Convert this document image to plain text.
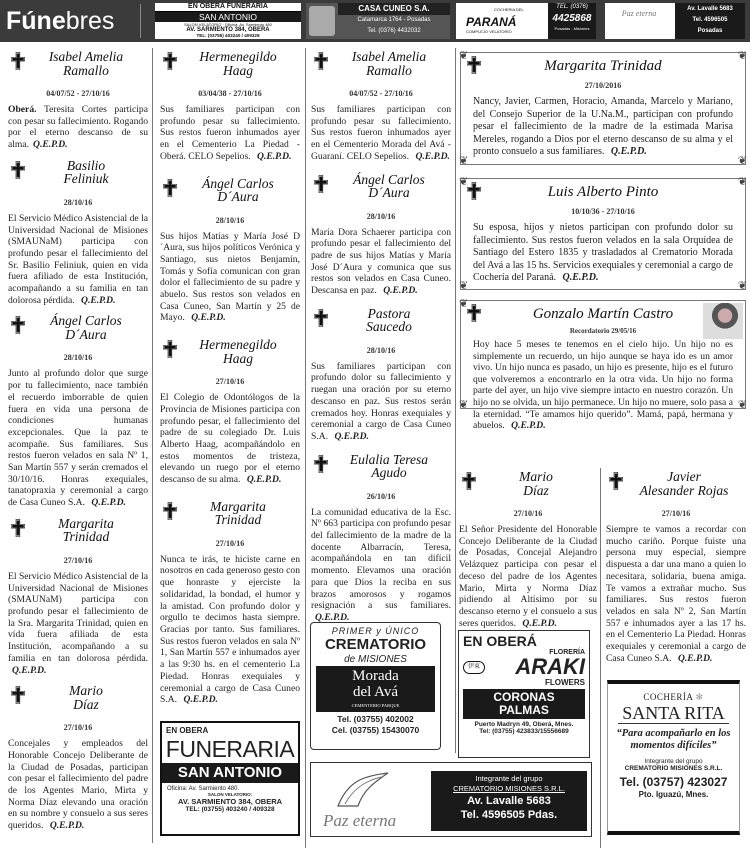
Fúnebres
EN OBERA FUNERARIA
SAN ANTONIO
SALON VELATORIO · Oficina: Av. Sarmiento 480
AV. SARMIENTO 384, OBERA
TEL: (03755) 403240 / 409328
CASA CUNEO S.A.
Catamarca 1764 - Posadas
Tel. (0376) 4432032
COCHERIA DEL
PARANÁ
COMPLEJO VELATORIO
TEL. (0376)
4425868
Posadas - Misiones
Paz eterna	Av. Lavalle 5683
Tel. 4596505
Posadas
Isabel Amelia
Ramallo
04/07/52 - 27/10/16

Oberá. Teresita Cortes participa con pesar su fallecimiento. Rogando por el eterno descanso de su alma. Q.E.P.D.

Basilio
Feliniuk
28/10/16

El Servicio Médico Asistencial de la Universidad Nacional de Misiones (SMAUNaM) participa con profundo pesar el fallecimiento del Sr. Basilio Feliniuk, quien en vida fuera afiliado de esta Institución, acompañando a su familia en tan dolorosa pérdida. Q.E.P.D.

Ángel Carlos
D´Aura
28/10/16

Junto al profundo dolor que surge por tu fallecimiento, nace también el recuerdo imborrable de quien fuera en vida una persona de condiciones humanas excepcionales. Que la paz te acompañe. Sus familiares. Sus restos fueron velados en sala Nº 1, San Martín 557 y serán cremados el 30/10/16. Honras exequiales, tanatopraxia y ceremonial a cargo de Casa Cuneo S.A. Q.E.P.D.

Margarita
Trinidad
27/10/16

El Servicio Médico Asistencial de la Universidad Nacional de Misiones (SMAUNaM) participa con profundo pesar el fallecimiento de la Sra. Margarita Trinidad, quien en vida fuera afiliada de esta Institución, acompañando a su familia en tan dolorosa pérdida. Q.E.P.D.

Mario
Díaz
27/10/16

Concejales y empleados del Honorable Concejo Deliberante de la Ciudad de Posadas, participan con pesar el fallecimiento del padre de los Agentes Mario, Mirta y Norma Díaz elevando una oración en su nombre y consuelo a sus seres queridos. Q.E.P.D.

Hermenegildo
Haag
03/04/38 - 27/10/16

Sus familiares participan con profundo pesar su fallecimiento. Sus restos fueron inhumados ayer en el Cementerio La Piedad - Oberá. CELO Sepelios. Q.E.P.D.

Ángel Carlos
D´Aura
28/10/16

Sus hijos Matías y María José D´Aura, sus hijos políticos Verónica y Santiago, sus nietos Benjamín, Tomás y Sofía comunican con gran dolor el fallecimiento de su padre y abuelo. Sus restos son velados en Casa Cuneo, San Martín y 25 de Mayo. Q.E.P.D.

Hermenegildo
Haag
27/10/16

El Colegio de Odontólogos de la Provincia de Misiones participa con profundo pesar, el fallecimiento del padre de su colegiado Dr. Luis Alberto Haag, acompañándolo en estos momentos de tristeza, elevando un ruego por el eterno descanso de su alma. Q.E.P.D.

Margarita
Trinidad
27/10/16

Nunca te irás, te hiciste carne en nosotros en cada generoso gesto con que honraste y ejerciste la solidaridad, la bondad, el humor y la amistad. Con profundo dolor y orgullo te decimos hasta siempre. Gracias por tanto. Sus familiares. Sus restos fueron velados en sala Nº 1, San Martín 557 e inhumados ayer a las 9:30 hs. en el cementerio La Piedad. Honras exequiales y ceremonial a cargo de Casa Cuneo S.A. Q.E.P.D.

Isabel Amelia
Ramallo
04/07/52 - 27/10/16

Sus familiares participan con profundo pesar su fallecimiento. Sus restos fueron inhumados ayer en el Cementerio Morada del Avá - Guaraní. CELO Sepelios. Q.E.P.D.

Ángel Carlos
D´Aura
28/10/16

María Dora Schaerer participa con profundo pesar el fallecimiento del padre de sus hijos Matías y María José D´Aura y comunica que sus restos son velados en Casa Cuneo. Descansa en paz. Q.E.P.D.

Pastora
Saucedo
28/10/16

Sus familiares participan con profundo dolor su fallecimiento y ruegan una oración por su eterno descanso en paz. Sus restos serán cremados hoy. Honras exequiales y ceremonial a cargo de Casa Cuneo S.A. Q.E.P.D.

Eulalia Teresa
Agudo
26/10/16

La comunidad educativa de la Esc. Nº 663 participa con profundo pesar del fallecimiento de la madre de la docente Albarracín, Teresa, acompañándola en tan difícil momento. Elevamos una oración para que Dios la reciba en sus brazos amorosos y rogamos resignación a sus familiares. Q.E.P.D.

❦	❦
❦	❦
Margarita Trinidad
27/10/2016

Nancy, Javier, Carmen, Horacio, Amanda, Marcelo y Mariano, del Consejo Superior de la U.Na.M., participan con profundo pesar el fallecimiento de la madre de la estimada Marisa Mereles, rogando a Dios por el eterno descanso de su alma y el pronto consuelo a sus familiares. Q.E.P.D.

❦	❦
❦	❦
Luis Alberto Pinto
10/10/36 - 27/10/16

Su esposa, hijos y nietos participan con profundo dolor su fallecimiento. Sus restos fueron velados en la sala Orquídea de Santiago del Estero 1835 y trasladados al Crematorio Morada del Avá a las 15 hs. Servicios exequiales y ceremonial a cargo de Cochería del Paraná. Q.E.P.D.

❦
❦	❦
Gonzalo Martín Castro
Recordatorio 29/05/16

Hoy hace 5 meses te tenemos en el cielo hijo. Un hijo no es simplemente un recuerdo, un hijo aunque se haya ido es un amor vivo. Un hijo nunca es pasado, un hijo es presente, hijo es el futuro que volveremos a encontrarlo en la otra vida. Un hijo no forma parte del ayer, un hijo vive siempre intacto en nuestro corazón. Un hijo no se olvida, un hijo permanece. Un hijo no muere, solo pasa a la eternidad. “Te amamos hijo querido”. Mamá, papá, hermana y abuelos. Q.E.P.D.

Mario
Díaz
27/10/16

El Señor Presidente del Honorable Concejo Deliberante de la Ciudad de Posadas, Concejal Alejandro Velázquez participa con pesar el deceso del padre de los Agentes Mario, Mirta y Norma Díaz pidiendo al Altísimo por su descanso eterno y el consuelo a sus seres queridos. Q.E.P.D.

Javier
Alesander Rojas
27/10/16

Siempre te vamos a recordar con mucho cariño. Porque fuiste una persona muy especial, siempre dispuesta a dar una mano a quien lo necesitara, solidaria, buena amiga. Te vamos a extrañar mucho. Sus familiares. Sus restos fueron velados en sala Nº 2, San Martín 557 e inhumados ayer a las 17 hs. en el Cementerio La Piedad. Honras exequiales y ceremonial a cargo de Casa Cuneo S.A. Q.E.P.D.

EN OBERA
FUNERARIA
SAN ANTONIO
Oficina: Av. Sarmiento 480.
SALON VELATORIO:
AV. SARMIENTO 384, OBERA
TEL: (03755) 403240 / 409328
PRIMER y ÚNICO
CREMATORIO
de MISIONES
Morada
del Avá
CEMENTERIO PARQUE
Tel. (03755) 402002
Cel. (03755) 15430070
EN OBERÁ
FLORERÍA
伊東 ARAKI
FLOWERS
CORONAS
PALMAS
Puerto Madryn 49, Oberá, Mnes.
Tel: (03755) 423833/15556689
Paz eterna
Integrante del grupo
CREMATORIO MISIONES S.R.L.
Av. Lavalle 5683
Tel. 4596505 Pdas.
COCHERÍA ✻
SANTA RITA
“Para acompañarlo en los momentos difíciles”
Integrante del grupo
CREMATORIO MISIONES S.R.L.
Tel. (03757) 423027
Pto. Iguazú, Mnes.
